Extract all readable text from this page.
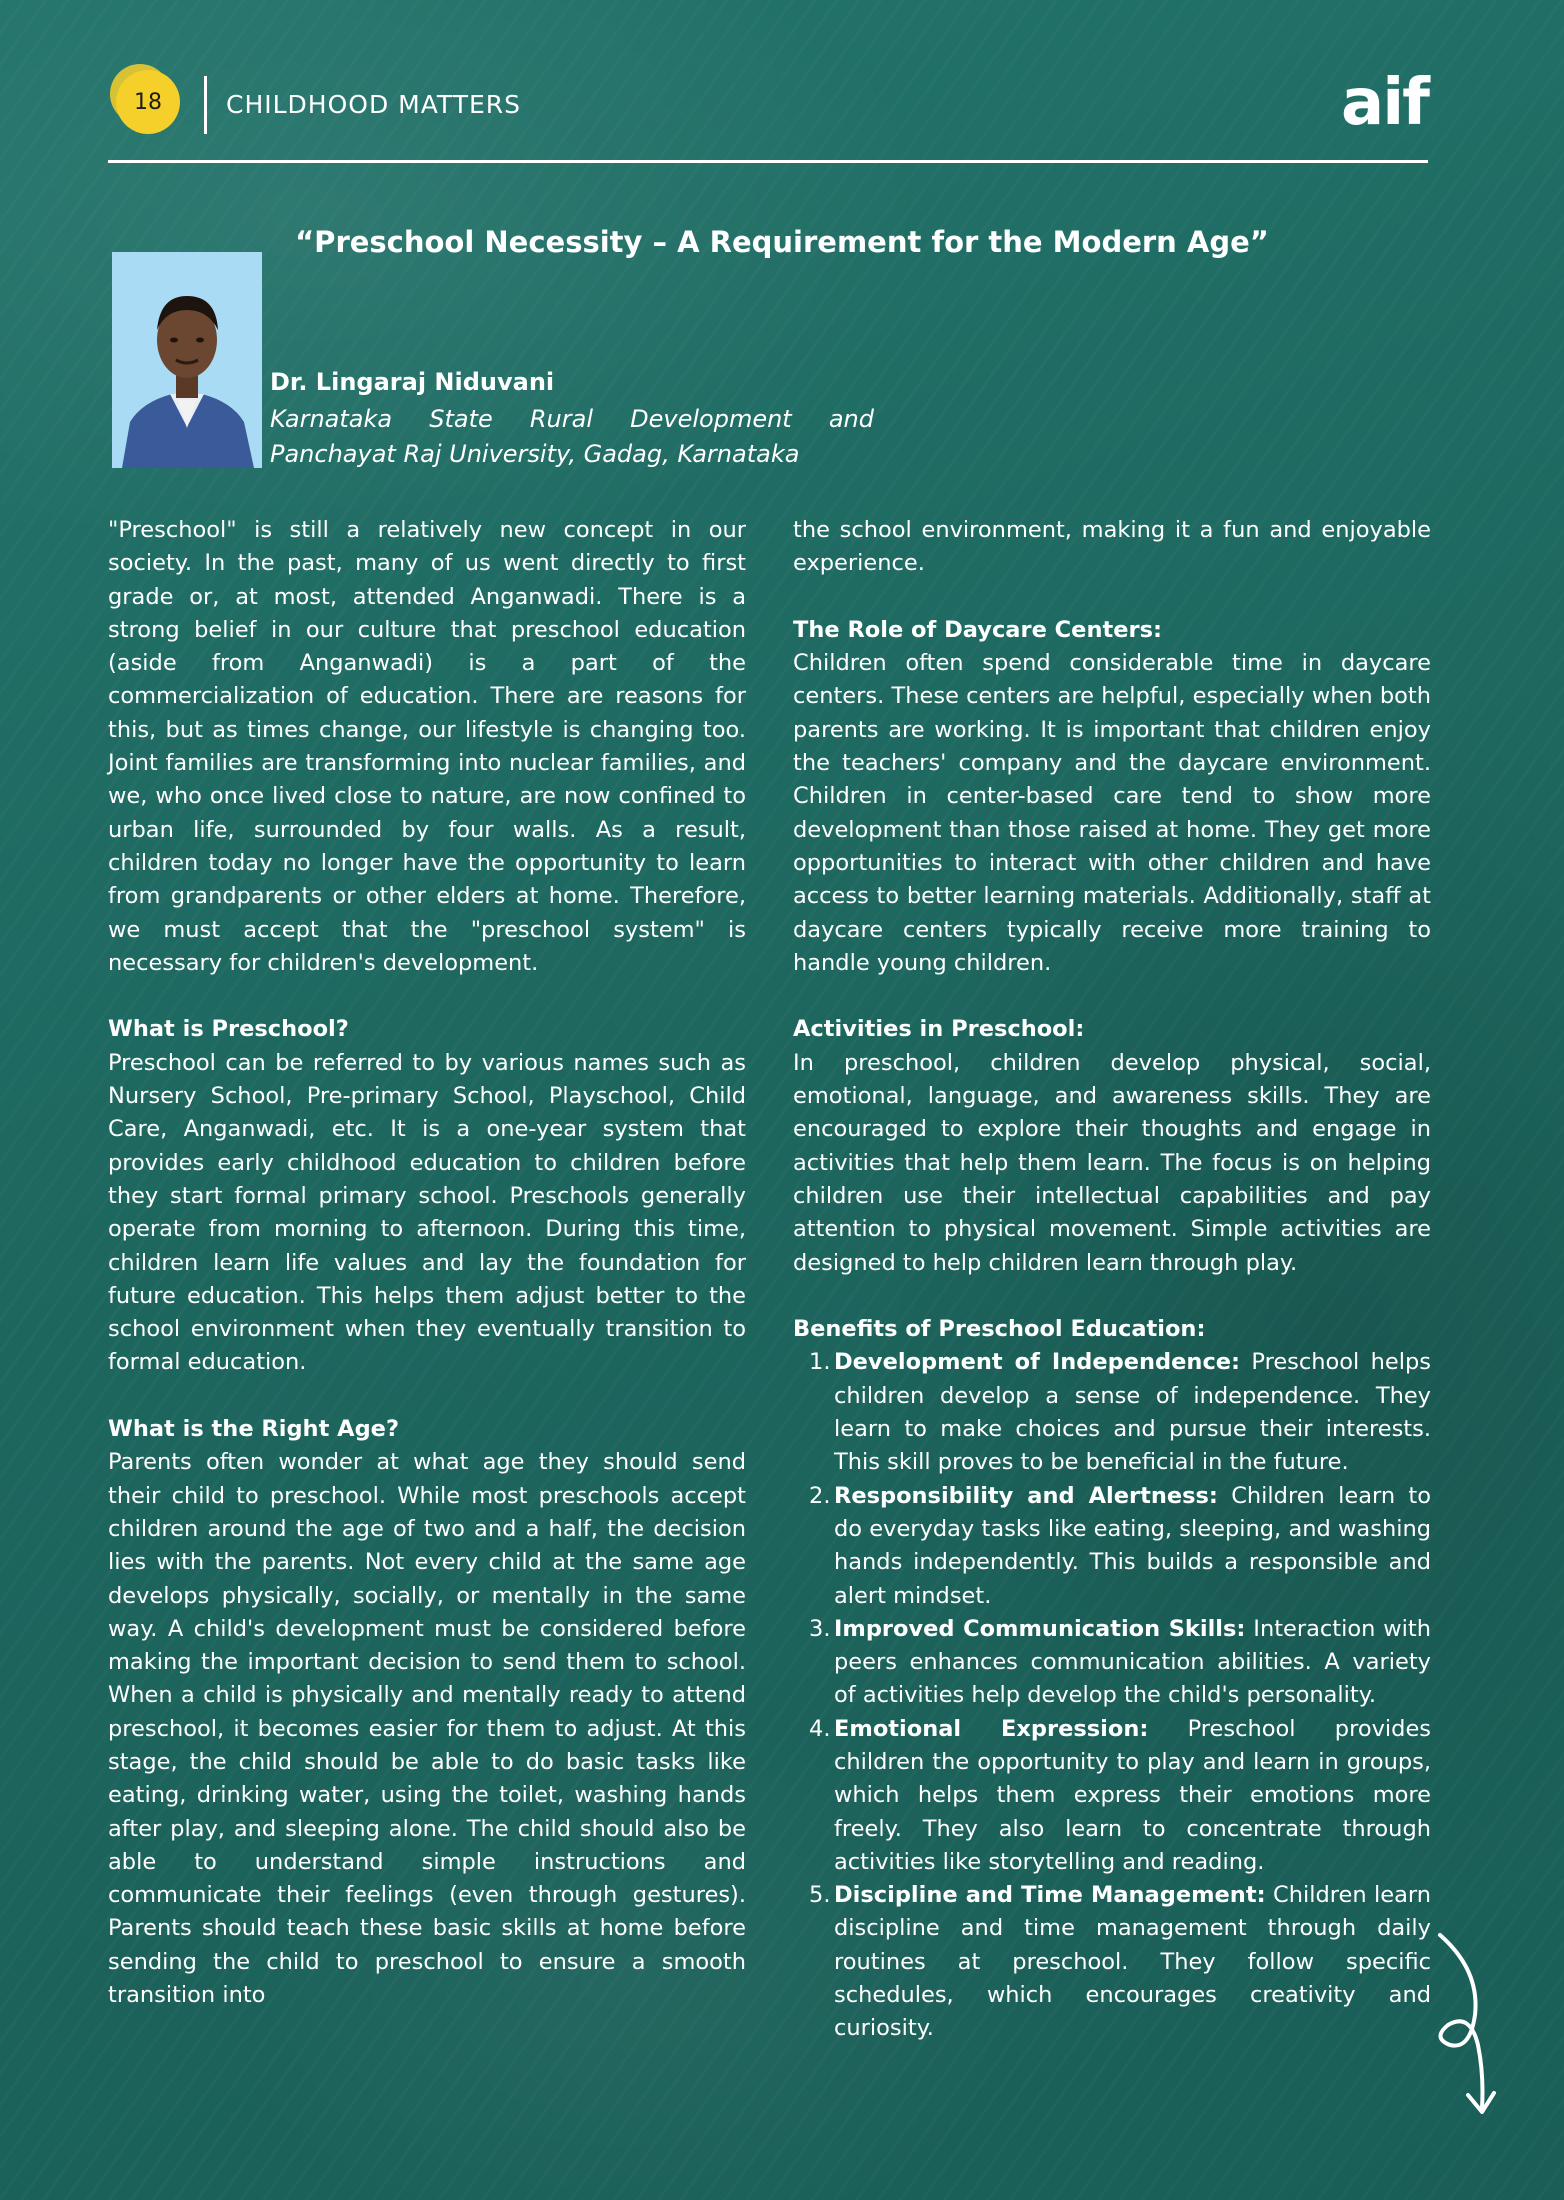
18	CHILDHOOD MATTERS	aif
“Preschool Necessity – A Requirement for the Modern Age”
Dr. Lingaraj Niduvani
Karnataka State Rural Development and
Panchayat Raj University, Gadag, Karnataka

"Preschool" is still a relatively new concept in our society. In the past, many of us went directly to first grade or, at most, attended Anganwadi. There is a strong belief in our culture that preschool education (aside from Anganwadi) is a part of the commercialization of education. There are reasons for this, but as times change, our lifestyle is changing too. Joint families are transforming into nuclear families, and we, who once lived close to nature, are now confined to urban life, surrounded by four walls. As a result, children today no longer have the opportunity to learn from grandparents or other elders at home. Therefore, we must accept that the "preschool system" is necessary for children's development.

What is Preschool?

Preschool can be referred to by various names such as Nursery School, Pre-primary School, Playschool, Child Care, Anganwadi, etc. It is a one-year system that provides early childhood education to children before they start formal primary school. Preschools generally operate from morning to afternoon. During this time, children learn life values and lay the foundation for future education. This helps them adjust better to the school environment when they eventually transition to formal education.

What is the Right Age?

Parents often wonder at what age they should send their child to preschool. While most preschools accept children around the age of two and a half, the decision lies with the parents. Not every child at the same age develops physically, socially, or mentally in the same way. A child's development must be considered before making the important decision to send them to school. When a child is physically and mentally ready to attend preschool, it becomes easier for them to adjust. At this stage, the child should be able to do basic tasks like eating, drinking water, using the toilet, washing hands after play, and sleeping alone. The child should also be able to understand simple instructions and communicate their feelings (even through gestures). Parents should teach these basic skills at home before sending the child to preschool to ensure a smooth transition into

the school environment, making it a fun and enjoyable experience.

The Role of Daycare Centers:

Children often spend considerable time in daycare centers. These centers are helpful, especially when both parents are working. It is important that children enjoy the teachers' company and the daycare environment. Children in center-based care tend to show more development than those raised at home. They get more opportunities to interact with other children and have access to better learning materials. Additionally, staff at daycare centers typically receive more training to handle young children.

Activities in Preschool:

In preschool, children develop physical, social, emotional, language, and awareness skills. They are encouraged to explore their thoughts and engage in activities that help them learn. The focus is on helping children use their intellectual capabilities and pay attention to physical movement. Simple activities are designed to help children learn through play.

Benefits of Preschool Education:
1. Development of Independence: Preschool helps children develop a sense of independence. They learn to make choices and pursue their interests. This skill proves to be beneficial in the future.
2. Responsibility and Alertness: Children learn to do everyday tasks like eating, sleeping, and washing hands independently. This builds a responsible and alert mindset.
3. Improved Communication Skills: Interaction with peers enhances communication abilities. A variety of activities help develop the child's personality.
4. Emotional Expression: Preschool provides children the opportunity to play and learn in groups, which helps them express their emotions more freely. They also learn to concentrate through activities like storytelling and reading.
5. Discipline and Time Management: Children learn discipline and time management through daily routines at preschool. They follow specific schedules, which encourages creativity and curiosity.
